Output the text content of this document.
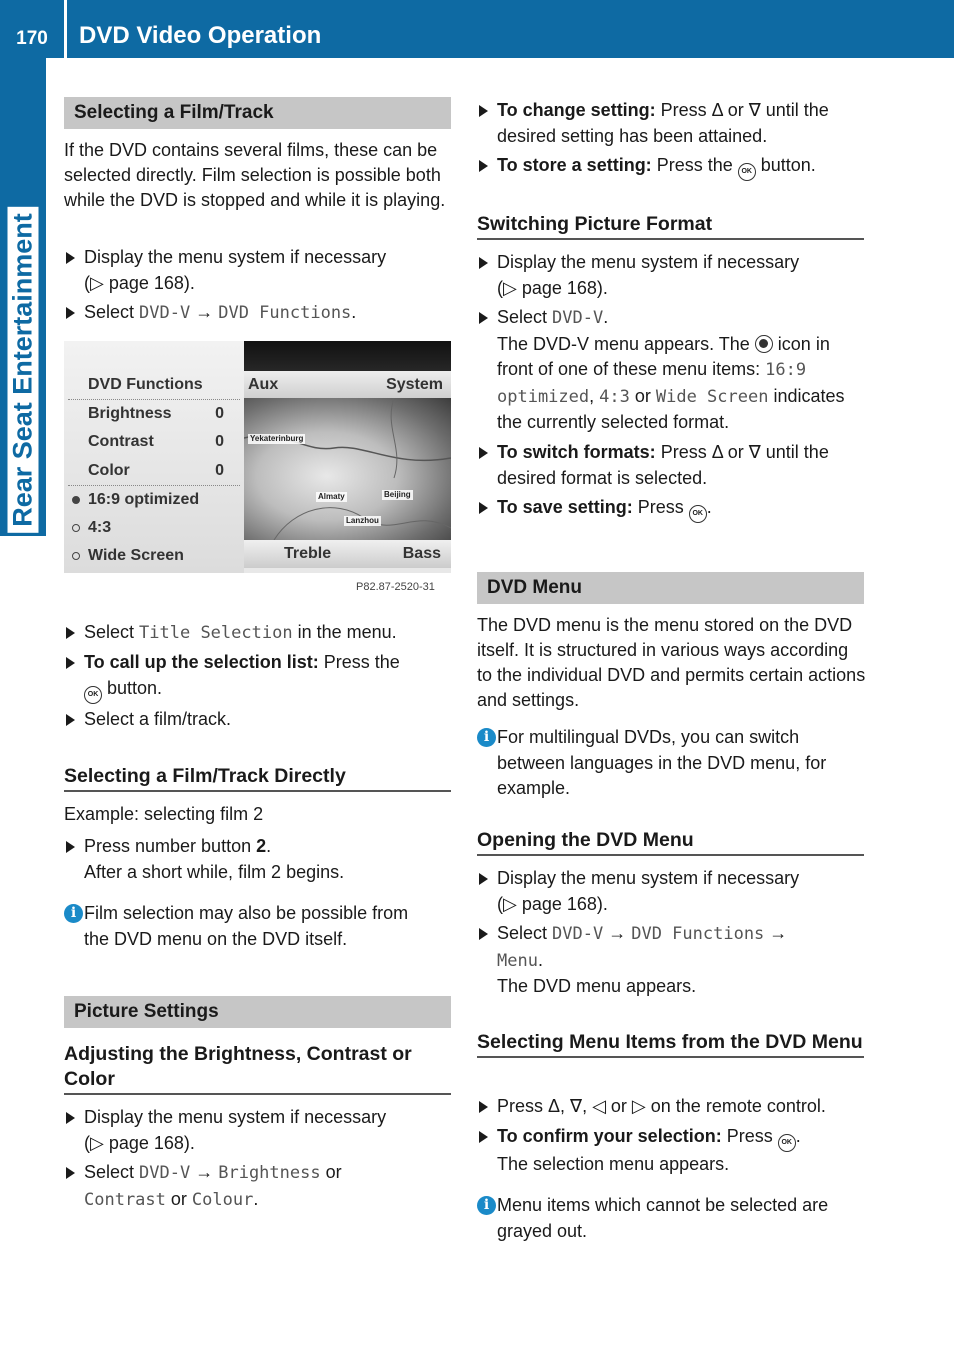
170	DVD Video Operation
Rear Seat Entertainment
Selecting a Film/Track
If the DVD contains several films, these can be selected directly. Film selection is possible both while the DVD is stopped and while it is playing.
Display the menu system if necessary
(▷ page 168).
Select DVD-V → DVD Functions.
DVD Functions
Brightness	0
Contrast	0
Color	0
16:9 optimized
4:3
Wide Screen
Aux	System
Yekaterinburg
Almaty	Beijing
Lanzhou
Treble	Bass
P82.87-2520-31
Select Title Selection in the menu.
To call up the selection list: Press the
OK button.
Select a film/track.
Selecting a Film/Track Directly
Example: selecting film 2
Press number button 2.
After a short while, film 2 begins.
i Film selection may also be possible from
the DVD menu on the DVD itself.
Picture Settings
Adjusting the Brightness, Contrast or Color
Display the menu system if necessary
(▷ page 168).
Select DVD-V → Brightness or
Contrast or Colour.
To change setting: Press Δ or ∇ until the
desired setting has been attained.
To store a setting: Press the OK button.
Switching Picture Format
Display the menu system if necessary
(▷ page 168).
Select DVD-V.
The DVD-V menu appears. The  icon in
front of one of these menu items: 16:9
optimized, 4:3 or Wide Screen indicates
the currently selected format.
To switch formats: Press Δ or ∇ until the
desired format is selected.
To save setting: Press OK .
DVD Menu
The DVD menu is the menu stored on the DVD itself. It is structured in various ways according to the individual DVD and permits certain actions and settings.
i For multilingual DVDs, you can switch
between languages in the DVD menu, for
example.
Opening the DVD Menu
Display the menu system if necessary
(▷ page 168).
Select DVD-V → DVD Functions →
Menu.
The DVD menu appears.
Selecting Menu Items from the DVD Menu
Press Δ, ∇, ◁ or ▷ on the remote control.
To confirm your selection: Press OK .
The selection menu appears.
i Menu items which cannot be selected are
grayed out.
